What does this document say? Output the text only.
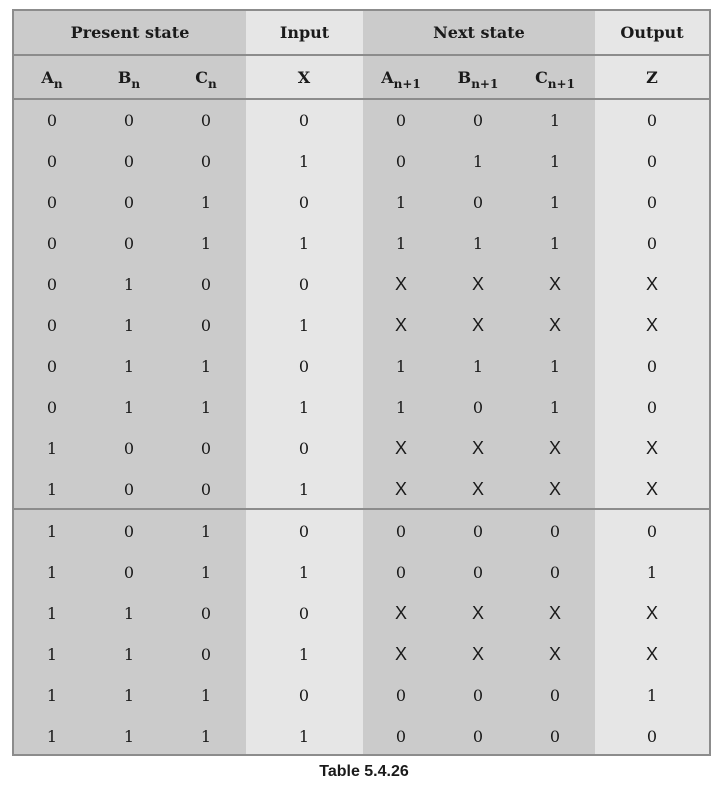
Present state	Input	Next state	Output
$A_n$	$B_n$	$C_n$	X	$A_{n+1}$	$B_{n+1}$	$C_{n+1}$	Z
0	0	0	0	0	0	1	0
0	0	0	1	0	1	1	0
0	0	1	0	1	0	1	0
0	0	1	1	1	1	1	0
0	1	0	0	X	X	X	X
0	1	0	1	X	X	X	X
0	1	1	0	1	1	1	0
0	1	1	1	1	0	1	0
1	0	0	0	X	X	X	X
1	0	0	1	X	X	X	X
1	0	1	0	0	0	0	0
1	0	1	1	0	0	0	1
1	1	0	0	X	X	X	X
1	1	0	1	X	X	X	X
1	1	1	0	0	0	0	1
1	1	1	1	0	0	0	0
Table 5.4.26
